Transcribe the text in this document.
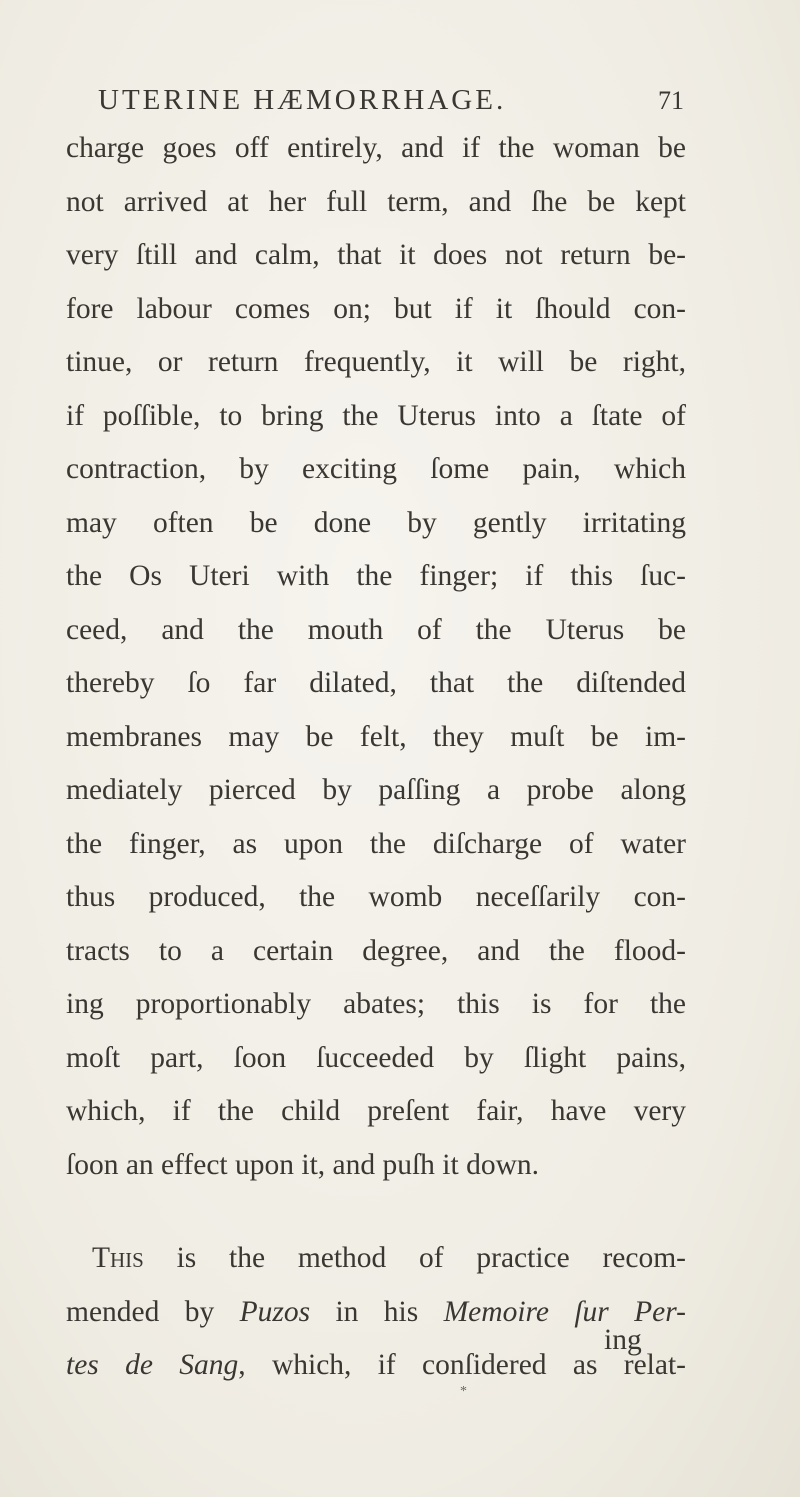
UTERINE HÆMORRHAGE.	71
charge goes off entirely, and if the woman be
not arrived at her full term, and ſhe be kept
very ſtill and calm, that it does not return be-
fore labour comes on; but if it ſhould con-
tinue, or return frequently, it will be right,
if poſſible, to bring the Uterus into a ſtate of
contraction, by exciting ſome pain, which
may often be done by gently irritating
the Os Uteri with the finger; if this ſuc-
ceed, and the mouth of the Uterus be
thereby ſo far dilated, that the diſtended
membranes may be felt, they muſt be im-
mediately pierced by paſſing a probe along
the finger, as upon the diſcharge of water
thus produced, the womb neceſſarily con-
tracts to a certain degree, and the flood-
ing proportionably abates; this is for the
moſt part, ſoon ſucceeded by ſlight pains,
which, if the child preſent fair, have very
ſoon an effect upon it, and puſh it down.
This is the method of practice recom-
mended by Puzos in his Memoire ſur Per-
tes de Sang, which, if conſidered as relat-
ing
*
